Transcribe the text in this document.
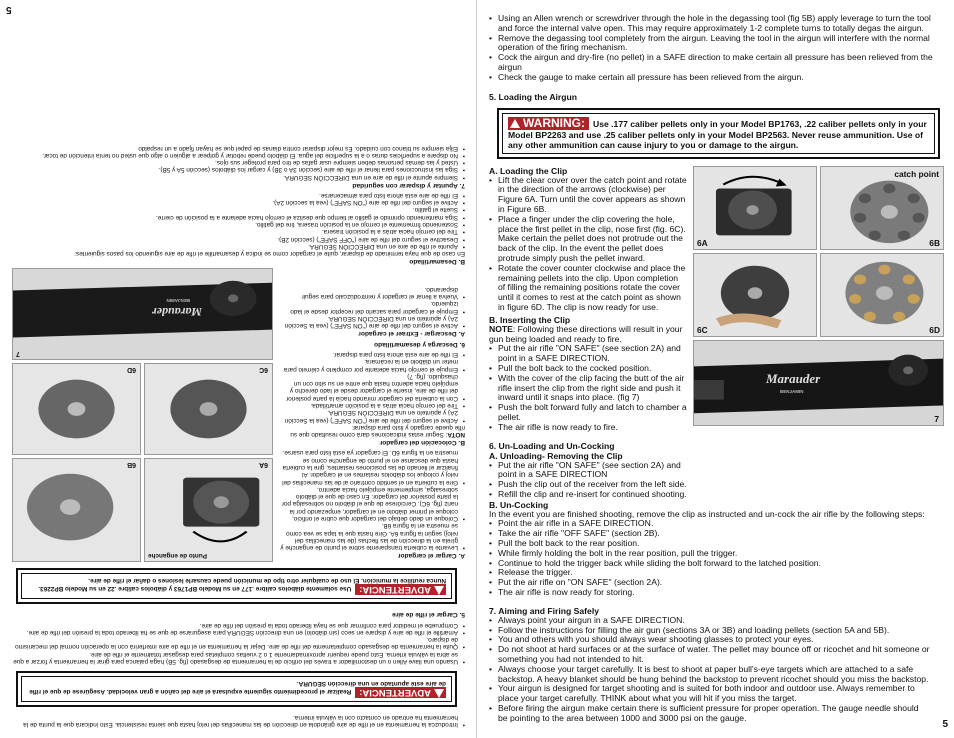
• Introduzca la herramienta en el rifle de aire girándola en dirección de las manecillas del reloj hasta que sienta resistencia. Esto indicará que la punta de la herramienta ha entrado en contacto con la válvula interna.
ADVERTENCIA:Realizar el procedimiento siguiente expulsará el aire del cañón a gran velocidad. Asegúrese de que el rifle de aire esté apuntado en una dirección SEGURA.
• Usando una llave Allen o un destornillador a través del orificio de la herramienta de desgasado (fig. 5B) haga palanca para girar la herramienta y forzar a que se abra la válvula interna. Esto puede requerir aproximadamente 1 o 2 vueltas completas para desgasar totalmente el rifle de aire.
• Quite la herramienta de desgasado completamente del rifle de aire. Dejar la herramienta en el rifle de aire interferirá con la operación normal del mecanismo de disparo.
• Amartille el rifle de aire y dispare en seco (sin diábolo) en una dirección SEGURA para asegurarse de que se ha liberado toda la presión del rifle de aire.
• Compruebe el medidor para confirmar que se haya liberado toda la presión del rifle de aire.
5. Cargar el rifle de aire
ADVERTENCIA:Use solamente diábolos calibre .177 en su Modelo BP1763 y diábolos calibre .22 en su Modelo BP2263. Nunca reutilice la munición. El uso de cualquier otro tipo de munición puede causarle lesiones o dañar el rifle de aire.
A. Cargar el cargador
• Levante la cubierta transparente sobre el punto de enganche y gírela en la dirección de las flechas (de las manecillas del reloj) según la figura 6A. Gire hasta que la tapa se vea como se muestra en la figura 6B.
• Coloque un dedo debajo del cargador que cubre el orificio, coloque el primer diábolo en el cargador, empezando por la nariz (fig. 6C). Cerciórese de que el diábolo no sobresalga por la parte posterior del cargador. En caso de que el diábolo sobresalga, simplemente empújelo hacia adentro.
• Gire la cubierta en el sentido contrario al de las manecillas del reloj y coloque los diábolos restantes en el cargador. Al finalizar el llenado de las posiciones restantes, gire la cubierta hasta que descanse en el punto de enganche como se muestra en la figura 6D. El cargador ya está listo para usarse.
B. Colocación del cargador
NOTA: Seguir estas indicaciones dará como resultado que su rifle quede cargado y listo para disparar.
• Active el seguro del rifle de aire ("ON SAFE") (vea la Sección 2A) y apúntelo en una DIRECCIÓN SEGURA.
• Tire del cerrojo hacia atrás a la posición amartillada.
• Con la cubierta del cargador mirando hacia la parte posterior del rifle de aire, inserte el cargador desde el lado derecho y empújelo hacia adentro hasta que entre en su sitio con un chasquido. (fig. 7)
• Empuje el cerrojo hacia adelante por completo y ciérrelo para meter un diábolo en la recámara.
• El rifle de aire está ahora listo para disparar.
6. Descarga y desamartillado
A. Descargar - Extraer el cargador
• Active el seguro del rifle de aire ("ON SAFE") (vea la Sección 2A) y apúntelo en una DIRECCIÓN SEGURA.
• Empuje el cargador para sacarlo del receptor desde el lado izquierdo.
• Vuelva a llenar el cargador y reintrodúzcalo para seguir disparando.
6A
Punto de enganche
6B
6C
6D
Marauder
BENJAMIN
7
B. Desamartillado
En caso de que haya terminado de disparar, quite el cargador como se indica y desamartille el rifle de aire siguiendo los pasos siguientes:
• Apunte el rifle de aire en una DIRECCIÓN SEGURA.
• Desactive el seguro del rifle de aire ("OFF SAFE") (sección 2B).
• Tire del cerrojo hacia atrás a la posición trasera.
• Sosteniendo firmemente el cerrojo en la posición trasera, tire del gatillo.
• Siga manteniendo oprimido el gatillo al tiempo que desliza el cerrojo hacia adelante a la posición de cierre.
• Suelte el gatillo.
• Active el seguro del rifle de aire ("ON SAFE") (vea la sección 2A).
• El rifle de aire está ahora listo para almacenarse.
7. Apuntar y disparar con seguridad
• Siempre apunte el rifle de aire en una DIRECCIÓN SEGURA.
• Siga las instrucciones para llenar el rifle de aire (sección 3A o 3B) y cargar los diábolos (sección 5A y 5B).
• Usted y las demás personas deben siempre usar gafas de tiro para proteger sus ojos.
• No dispare a superficies duras o a la superficie del agua. El diábolo puede rebotar y golpear a alguien o algo que usted no tenía intención de tocar.
• Elija siempre su blanco con cuidado. Es mejor disparar contra dianas de papel que se hayan fijado a un respaldo
5
• Using an Allen wrench or screwdriver through the hole in the degassing tool (fig 5B) apply leverage to turn the tool and force the internal valve open. This may require approximately 1-2 complete turns to totally degas the airgun.
• Remove the degassing tool completely from the airgun. Leaving the tool in the airgun will interfere with the normal operation of the firing mechanism.
• Cock the airgun and dry-fire (no pellet) in a SAFE direction to make certain all pressure has been relieved from the airgun
• Check the gauge to make certain all pressure has been relieved from the airgun.
5. Loading the Airgun
WARNING: Use .177 caliber pellets only in your Model BP1763, .22 caliber pellets only in your Model BP2263 and use .25 caliber pellets only in your Model BP2563. Never reuse ammunition. Use of any other ammunition can cause injury to you or damage to the airgun.
A. Loading the Clip
• Lift the clear cover over the catch point and rotate in the direction of the arrows (clockwise) per Figure 6A. Turn until the cover appears as shown in Figure 6B.
• Place a finger under the clip covering the hole, place the first pellet in the clip, nose first (fig. 6C). Make certain the pellet does not protrude out the back of the clip. In the event the pellet does protrude simply push the pellet inward.
• Rotate the cover counter clockwise and place the remaining pellets into the clip. Upon completion of filling the remaining positions rotate the cover until it comes to rest at the catch point as shown in figure 6D. The clip is now ready for use.
B. Inserting the Clip
NOTE: Following these directions will result in your gun being loaded and ready to fire.
• Put the air rifle "ON SAFE" (see section 2A) and point in a SAFE DIRECTION.
• Pull the bolt back to the cocked position.
• With the cover of the clip facing the butt of the air rifle insert the clip from the right side and push it inward until it snaps into place. (fig 7)
• Push the bolt forward fully and latch to chamber a pellet.
• The air rifle is now ready to fire.
6A	6B
catch point
6C	6D
Marauder
BENJAMIN
7
6. Un-Loading and Un-Cocking
A. Unloading- Removing the Clip
• Put the air rifle "ON SAFE" (see section 2A) and point in a SAFE DIRECTION
• Push the clip out of the receiver from the left side.
• Refill the clip and re-insert for continued shooting.
B. Un-Cocking
In the event you are finished shooting, remove the clip as instructed and un-cock the air rifle by the following steps:
• Point the air rifle in a SAFE DIRECTION.
• Take the air rifle "OFF SAFE" (section 2B).
• Pull the bolt back to the rear position.
• While firmly holding the bolt in the rear position, pull the trigger.
• Continue to hold the trigger back while sliding the bolt forward to the latched position.
• Release the trigger.
• Put the air rifle on "ON SAFE" (section 2A).
• The air rifle is now ready for storing.
7. Aiming and Firing Safely
• Always point your airgun in a SAFE DIRECTION.
• Follow the instructions for filling the air gun (sections 3A or 3B) and loading pellets (section 5A and 5B).
• You and others with you should always wear shooting glasses to protect your eyes.
• Do not shoot at hard surfaces or at the surface of water. The pellet may bounce off or ricochet and hit someone or something you had not intended to hit.
• Always choose your target carefully. It is best to shoot at paper bull's-eye targets which are attached to a safe backstop. A heavy blanket should be hung behind the backstop to prevent ricochet should you miss the backstop.
• Your airgun is designed for target shooting and is suited for both indoor and outdoor use. Always remember to place your target carefully. THINK about what you will hit if you miss the target.
• Before firing the airgun make certain there is sufficient pressure for proper operation. The gauge needle should be pointing to the area between 1000 and 3000 psi on the gauge.
5
